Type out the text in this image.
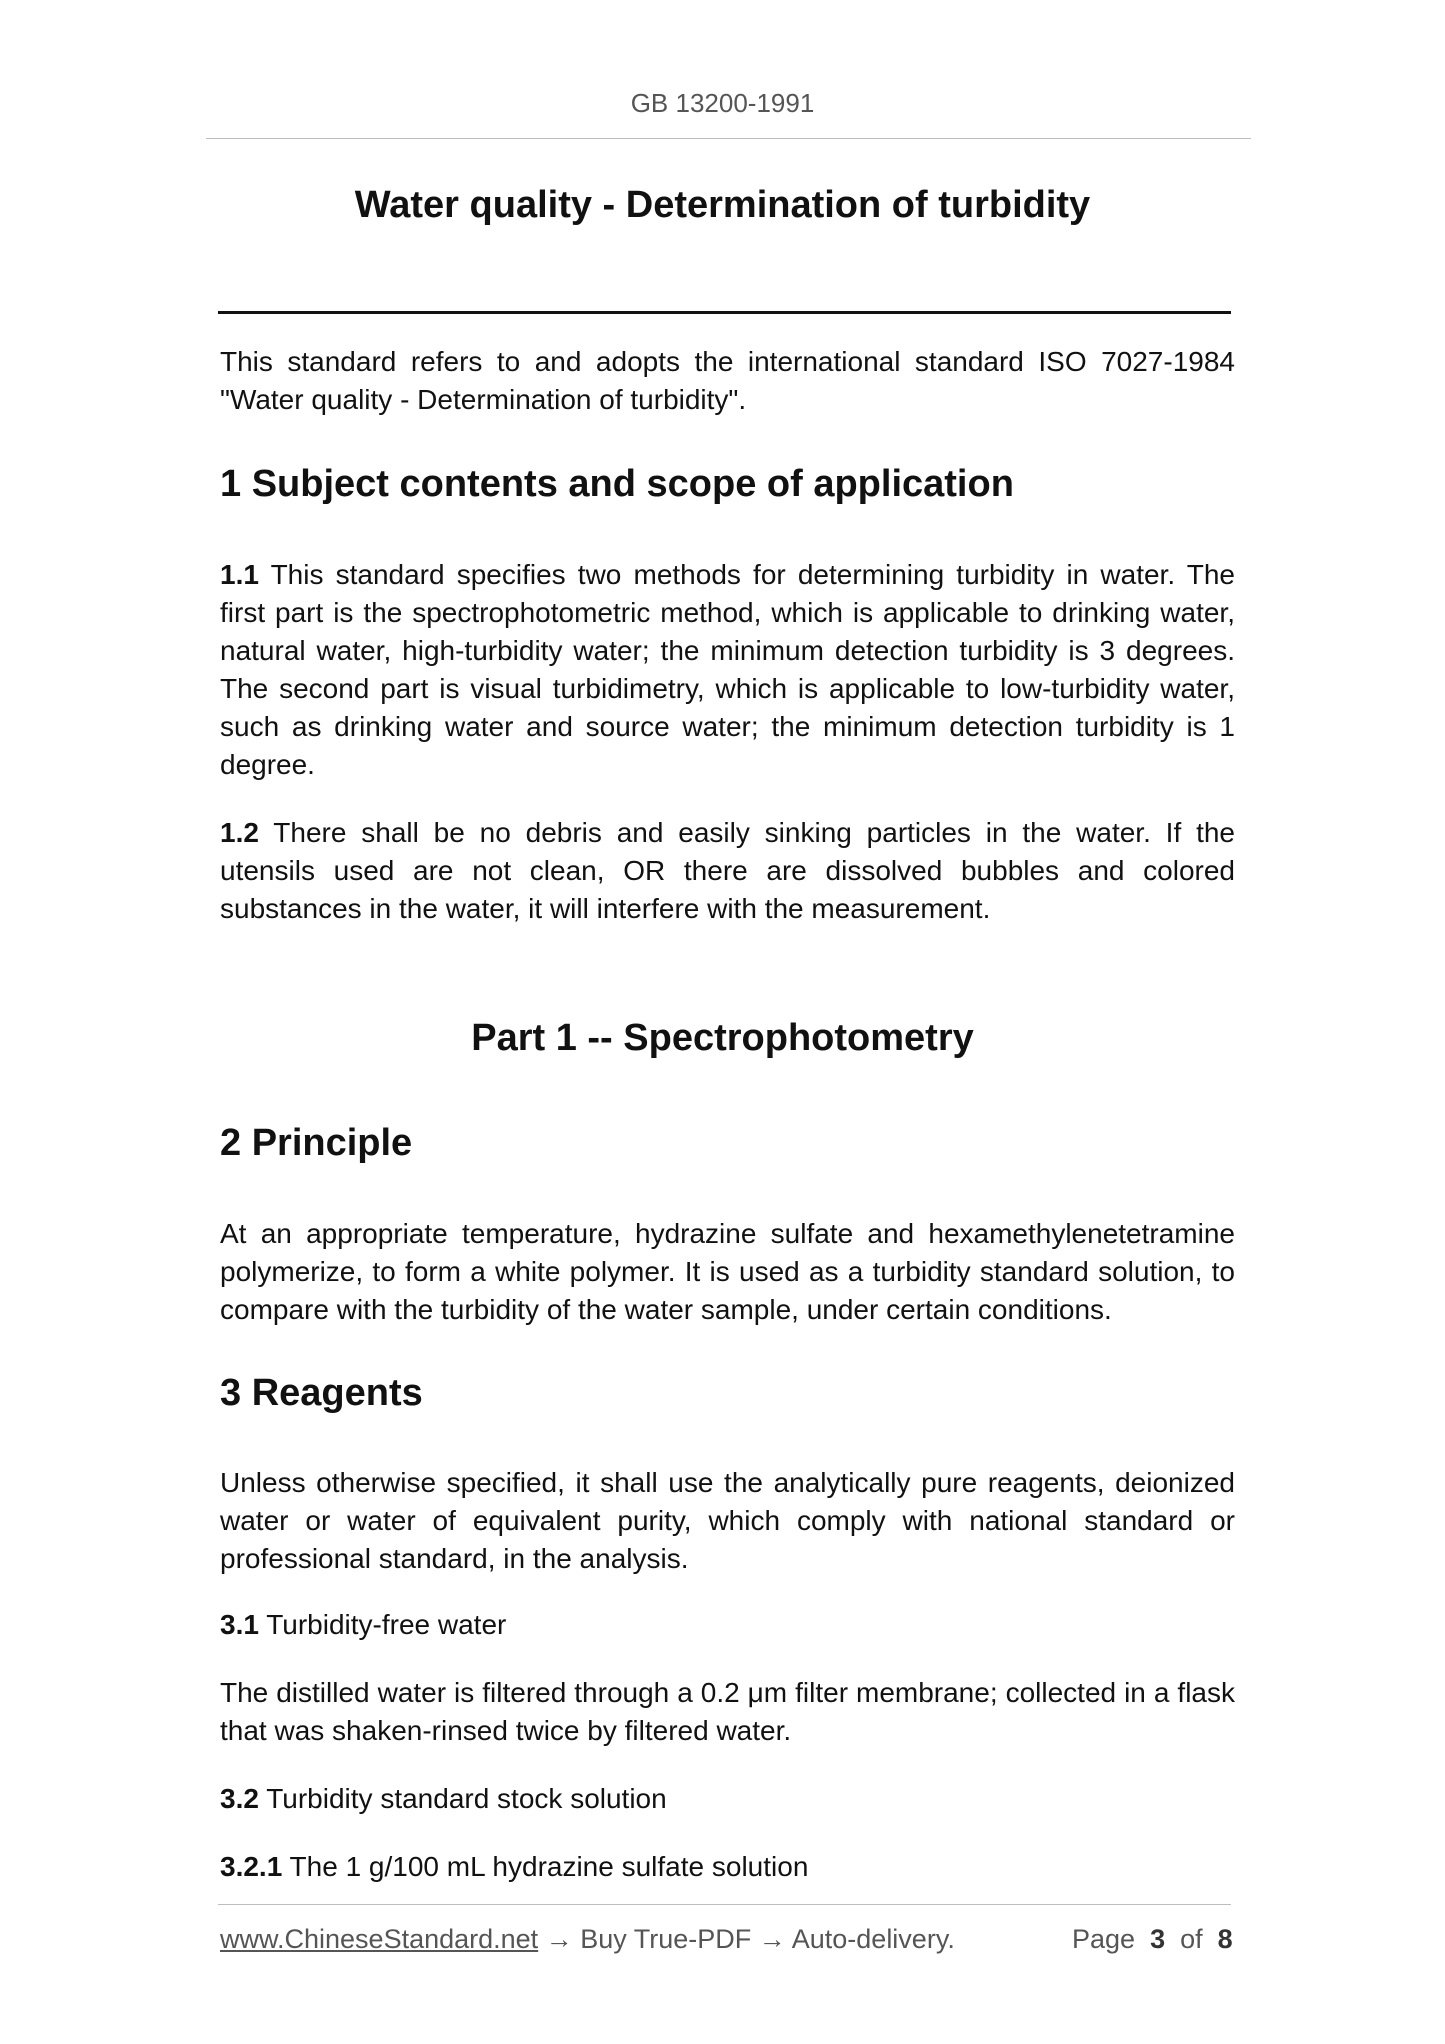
GB 13200-1991
Water quality - Determination of turbidity

This standard refers to and adopts the international standard ISO 7027-1984 "Water quality - Determination of turbidity".

1 Subject contents and scope of application

1.1 This standard specifies two methods for determining turbidity in water. The first part is the spectrophotometric method, which is applicable to drinking water, natural water, high-turbidity water; the minimum detection turbidity is 3 degrees. The second part is visual turbidimetry, which is applicable to low-turbidity water, such as drinking water and source water; the minimum detection turbidity is 1 degree.

1.2 There shall be no debris and easily sinking particles in the water. If the utensils used are not clean, OR there are dissolved bubbles and colored substances in the water, it will interfere with the measurement.

Part 1 -- Spectrophotometry
2 Principle

At an appropriate temperature, hydrazine sulfate and hexamethylenetetramine polymerize, to form a white polymer. It is used as a turbidity standard solution, to compare with the turbidity of the water sample, under certain conditions.

3 Reagents

Unless otherwise specified, it shall use the analytically pure reagents, deionized water or water of equivalent purity, which comply with national standard or professional standard, in the analysis.

3.1 Turbidity-free water

The distilled water is filtered through a 0.2 μm filter membrane; collected in a flask that was shaken-rinsed twice by filtered water.

3.2 Turbidity standard stock solution

3.2.1 The 1 g/100 mL hydrazine sulfate solution

www.ChineseStandard.net → Buy True-PDF → Auto-delivery.	Page 3 of 8
